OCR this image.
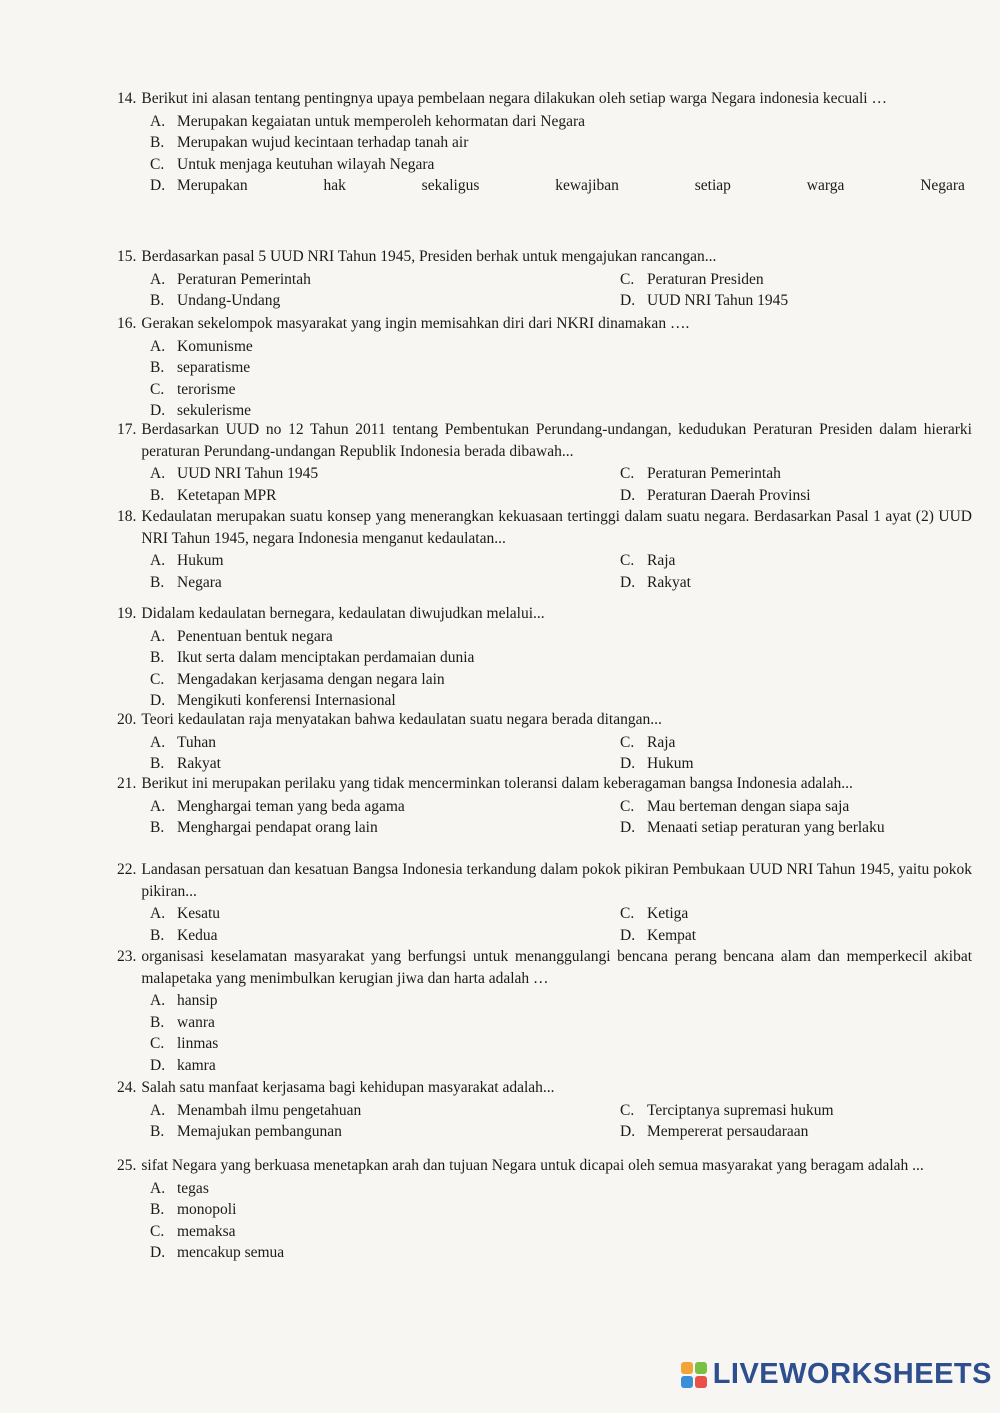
14. Berikut ini alasan tentang pentingnya upaya pembelaan negara dilakukan oleh setiap warga Negara indonesia kecuali …
A. Merupakan kegaiatan untuk memperoleh kehormatan dari Negara
B. Merupakan wujud kecintaan terhadap tanah air
C. Untuk menjaga keutuhan wilayah Negara
D. Merupakan	hak	sekaligus	kewajiban	setiap	warga	Negara
15. Berdasarkan pasal 5 UUD NRI Tahun 1945, Presiden berhak untuk mengajukan rancangan...
A. Peraturan Pemerintah	C. Peraturan Presiden
B. Undang-Undang	D. UUD NRI Tahun 1945
16. Gerakan sekelompok masyarakat yang ingin memisahkan diri dari NKRI dinamakan ….
A. Komunisme
B. separatisme
C. terorisme
D. sekulerisme
17. Berdasarkan UUD no 12 Tahun 2011 tentang Pembentukan Perundang-undangan, kedudukan Peraturan Presiden dalam hierarki peraturan Perundang-undangan Republik Indonesia berada dibawah...
A. UUD NRI Tahun 1945	C. Peraturan Pemerintah
B. Ketetapan MPR	D. Peraturan Daerah Provinsi
18. Kedaulatan merupakan suatu konsep yang menerangkan kekuasaan tertinggi dalam suatu negara. Berdasarkan Pasal 1 ayat (2) UUD NRI Tahun 1945, negara Indonesia menganut kedaulatan...
A. Hukum	C. Raja
B. Negara	D. Rakyat
19. Didalam kedaulatan bernegara, kedaulatan diwujudkan melalui...
A. Penentuan bentuk negara
B. Ikut serta dalam menciptakan perdamaian dunia
C. Mengadakan kerjasama dengan negara lain
D. Mengikuti konferensi Internasional
20. Teori kedaulatan raja menyatakan bahwa kedaulatan suatu negara berada ditangan...
A. Tuhan	C. Raja
B. Rakyat	D. Hukum
21. Berikut ini merupakan perilaku yang tidak mencerminkan toleransi dalam keberagaman bangsa Indonesia adalah...
A. Menghargai teman yang beda agama	C. Mau berteman dengan siapa saja
B. Menghargai pendapat orang lain	D. Menaati setiap peraturan yang berlaku
22. Landasan persatuan dan kesatuan Bangsa Indonesia terkandung dalam pokok pikiran Pembukaan UUD NRI Tahun 1945, yaitu pokok pikiran...
A. Kesatu	C. Ketiga
B. Kedua	D. Kempat
23. organisasi keselamatan masyarakat yang berfungsi untuk menanggulangi bencana perang bencana alam dan memperkecil akibat malapetaka yang menimbulkan kerugian jiwa dan harta adalah …
A. hansip
B. wanra
C. linmas
D. kamra
24. Salah satu manfaat kerjasama bagi kehidupan masyarakat adalah...
A. Menambah ilmu pengetahuan	C. Terciptanya supremasi hukum
B. Memajukan pembangunan	D. Mempererat persaudaraan
25. sifat Negara yang berkuasa menetapkan arah dan tujuan Negara untuk dicapai oleh semua masyarakat yang beragam adalah ...
A. tegas
B. monopoli
C. memaksa
D. mencakup semua
LIVEWORKSHEETS
